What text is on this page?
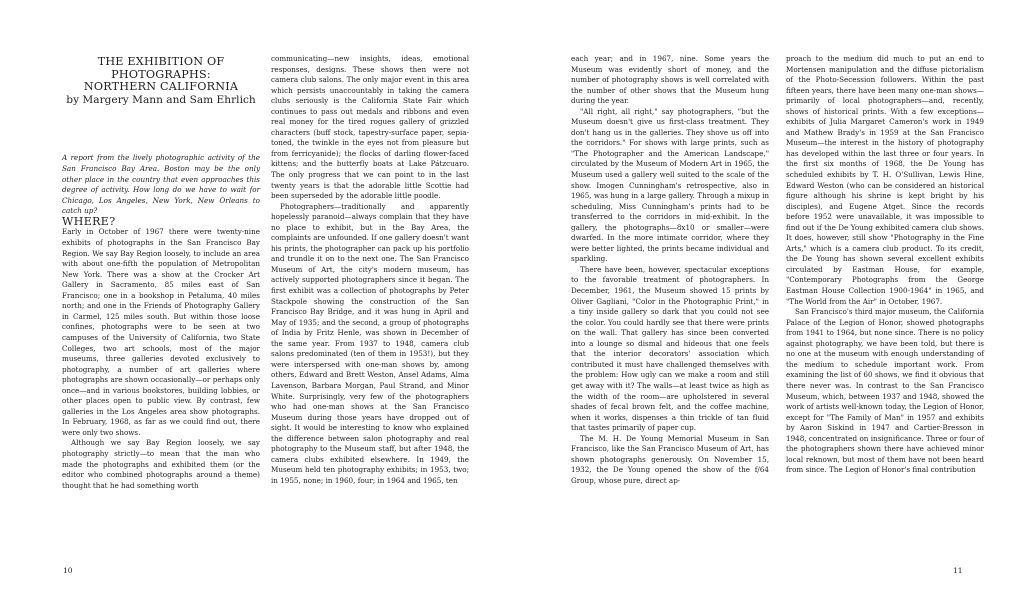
THE EXHIBITION OF
PHOTOGRAPHS:
NORTHERN CALIFORNIA
by Margery Mann and Sam Ehrlich

A report from the lively photographic activity of the San Francisco Bay Area. Boston may be the only other place in the country that even approaches this degree of activity. How long do we have to wait for Chicago, Los Angeles, New York, New Orleans to catch up?

WHERE?

Early in October of 1967 there were twenty-nine exhibits of photographs in the San Francisco Bay Region. We say Bay Region loosely, to include an area with about one-fifth the population of Metropolitan New York. There was a show at the Crocker Art Gallery in Sacramento, 85 miles east of San Francisco; one in a bookshop in Petaluma, 40 miles north; and one in the Friends of Photography Gallery in Carmel, 125 miles south. But within those loose confines, photographs were to be seen at two campuses of the University of California, two State Colleges, two art schools, most of the major museums, three galleries devoted exclusively to photography, a number of art galleries where photographs are shown occasionally—or perhaps only once—and in various bookstores, building lobbies, or other places open to public view. By contrast, few galleries in the Los Angeles area show photographs. In February, 1968, as far as we could find out, there were only two shows.

Although we say Bay Region loosely, we say photography strictly—to mean that the man who made the photographs and exhibited them (or the editor who combined photographs around a theme) thought that he had something worth

communicating—new insights, ideas, emotional responses, designs. These shows then were not camera club salons. The only major event in this area which persists unaccountably in taking the camera clubs seriously is the California State Fair which continues to pass out medals and ribbons and even real money for the tired rogues gallery of grizzled characters (buff stock, tapestry-surface paper, sepia-toned, the twinkle in the eyes not from pleasure but from ferricyanide); the flocks of darling flower-faced kittens; and the butterfly boats at Lake Pátzcuaro. The only progress that we can point to in the last twenty years is that the adorable little Scottie had been superseded by the adorable little poodle.

Photographers—traditionally and apparently hopelessly paranoid—always complain that they have no place to exhibit, but in the Bay Area, the complaints are unfounded. If one gallery doesn't want his prints, the photographer can pack up his portfolio and trundle it on to the next one. The San Francisco Museum of Art, the city's modern museum, has actively supported photographers since it began. The first exhibit was a collection of photographs by Peter Stackpole showing the construction of the San Francisco Bay Bridge, and it was hung in April and May of 1935; and the second, a group of photographs of India by Fritz Henle, was shown in December of the same year. From 1937 to 1948, camera club salons predominated (ten of them in 1953!), but they were interspersed with one-man shows by, among others, Edward and Brett Weston, Ansel Adams, Alma Lavenson, Barbara Morgan, Paul Strand, and Minor White. Surprisingly, very few of the photographers who had one-man shows at the San Francisco Museum during those years have dropped out of sight. It would be interesting to know who explained the difference between salon photography and real photography to the Museum staff, but after 1948, the camera clubs exhibited elsewhere. In 1949, the Museum held ten photography exhibits; in 1953, two; in 1955, none; in 1960, four; in 1964 and 1965, ten

each year; and in 1967, nine. Some years the Museum was evidently short of money, and the number of photography shows is well correlated with the number of other shows that the Museum hung during the year.

"All right, all right," say photographers, "but the Museum doesn't give us first-class treatment. They don't hang us in the galleries. They shove us off into the corridors." For shows with large prints, such as "The Photographer and the American Landscape," circulated by the Museum of Modern Art in 1965, the Museum used a gallery well suited to the scale of the show. Imogen Cunningham's retrospective, also in 1965, was hung in a large gallery. Through a mixup in scheduling, Miss Cunningham's prints had to be transferred to the corridors in mid-exhibit. In the gallery, the photographs—8x10 or smaller—were dwarfed. In the more intimate corridor, where they were better lighted, the prints became individual and sparkling.

There have been, however, spectacular exceptions to the favorable treatment of photographers. In December, 1961, the Museum showed 15 prints by Oliver Gagliani, "Color in the Photographic Print," in a tiny inside gallery so dark that you could not see the color. You could hardly see that there were prints on the wall. That gallery has since been converted into a lounge so dismal and hideous that one feels that the interior decorators' association which contributed it must have challenged themselves with the problem: How ugly can we make a room and still get away with it? The walls—at least twice as high as the width of the room—are upholstered in several shades of fecal brown felt, and the coffee machine, when it works, dispenses a thin trickle of tan fluid that tastes primarily of paper cup.

The M. H. De Young Memorial Museum in San Francisco, like the San Francisco Museum of Art, has shown photographs generously. On November 15, 1932, the De Young opened the show of the f/64 Group, whose pure, direct ap-

proach to the medium did much to put an end to Mortensen manipulation and the diffuse pictorialism of the Photo-Secession followers. Within the past fifteen years, there have been many one-man shows—primarily of local photographers—and, recently, shows of historical prints. With a few exceptions—exhibits of Julia Margaret Cameron's work in 1949 and Mathew Brady's in 1959 at the San Francisco Museum—the interest in the history of photography has developed within the last three or four years. In the first six months of 1968, the De Young has scheduled exhibits by T. H. O'Sullivan, Lewis Hine, Edward Weston (who can be considered an historical figure although his shrine is kept bright by his disciples), and Eugene Atget. Since the records before 1952 were unavailable, it was impossible to find out if the De Young exhibited camera club shows. It does, however, still show "Photography in the Fine Arts," which is a camera club product. To its credit, the De Young has shown several excellent exhibits circulated by Eastman House, for example, "Contemporary Photographs from the George Eastman House Collection 1900-1964" in 1965, and "The World from the Air" in October, 1967.

San Francisco's third major museum, the California Palace of the Legion of Honor, showed photographs from 1941 to 1964, but none since. There is no policy against photography, we have been told, but there is no one at the museum with enough understanding of the medium to schedule important work. From examining the list of 60 shows, we find it obvious that there never was. In contrast to the San Francisco Museum, which, between 1937 and 1948, showed the work of artists well-known today, the Legion of Honor, except for "The Family of Man" in 1957 and exhibits by Aaron Siskind in 1947 and Cartier-Bresson in 1948, concentrated on insignificance. Three or four of the photographers shown there have achieved minor local reknown, but most of them have not been heard from since. The Legion of Honor's final contribution

10	11
